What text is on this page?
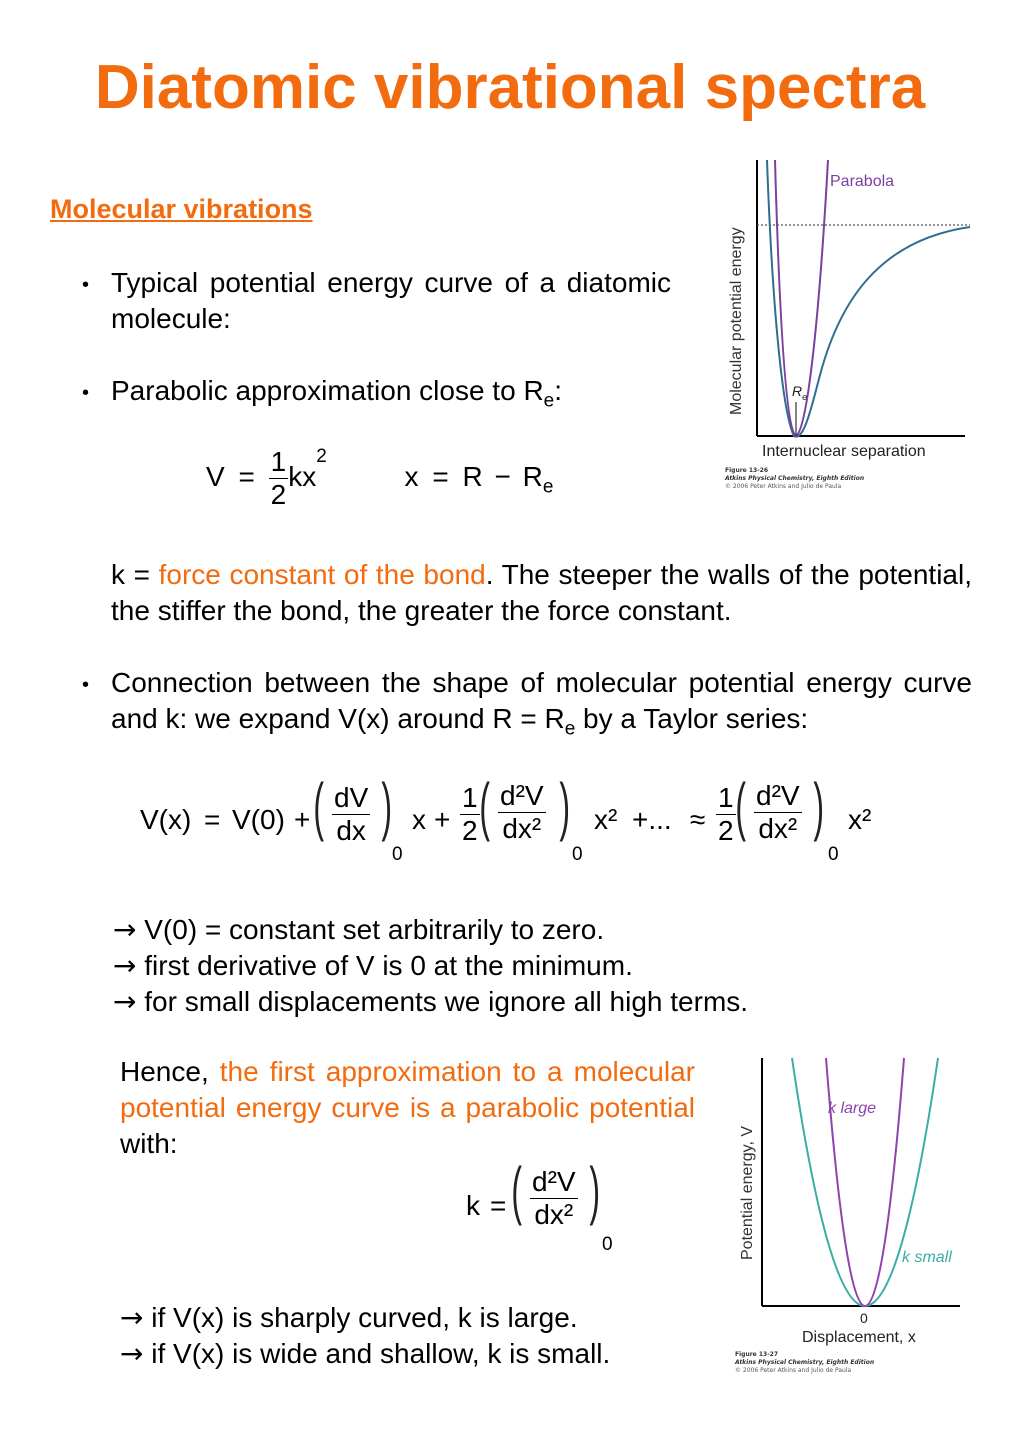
Diatomic vibrational spectra
Molecular vibrations
• Typical potential energy curve of a diatomic molecule:
• Parabolic approximation close to $R_e$:
$V = \frac{1}{2} kx^2$ $x = R - R_e$
k = force constant of the bond. The steeper the walls of the potential, the stiffer the bond, the greater the force constant.
• Connection between the shape of molecular potential energy curve and k: we expand V(x) around $R = R_e$ by a Taylor series:
V(x) = V(0) + ( $\frac{dV}{dx}$ )
0
$x + \frac{1}{2}$ ( $\frac{\text{d²V}}{\text{dx²}}$ )
0
x² +... ≈ $\frac{1}{2}$ ( $\frac{\text{d²V}}{\text{dx²}}$ )
0
x²
→ V(0) = constant set arbitrarily to zero.
→ first derivative of V is 0 at the minimum.
→ for small displacements we ignore all high terms.
Hence, the first approximation to a molecular potential energy curve is a parabolic potential with:
k = ( $\frac{\text{d²V}}{\text{dx²}}$ )
0
→ if V(x) is sharply curved, k is large.
→ if V(x) is wide and shallow, k is small.
Molecular potential energy
Parabola
$R_e$
Internuclear separation
Figure 13-26
Atkins Physical Chemistry, Eighth Edition
© 2006 Peter Atkins and Julio de Paula
Potential energy, V
k large
k small
0
Displacement, x
Figure 13-27
Atkins Physical Chemistry, Eighth Edition
© 2006 Peter Atkins and Julio de Paula
